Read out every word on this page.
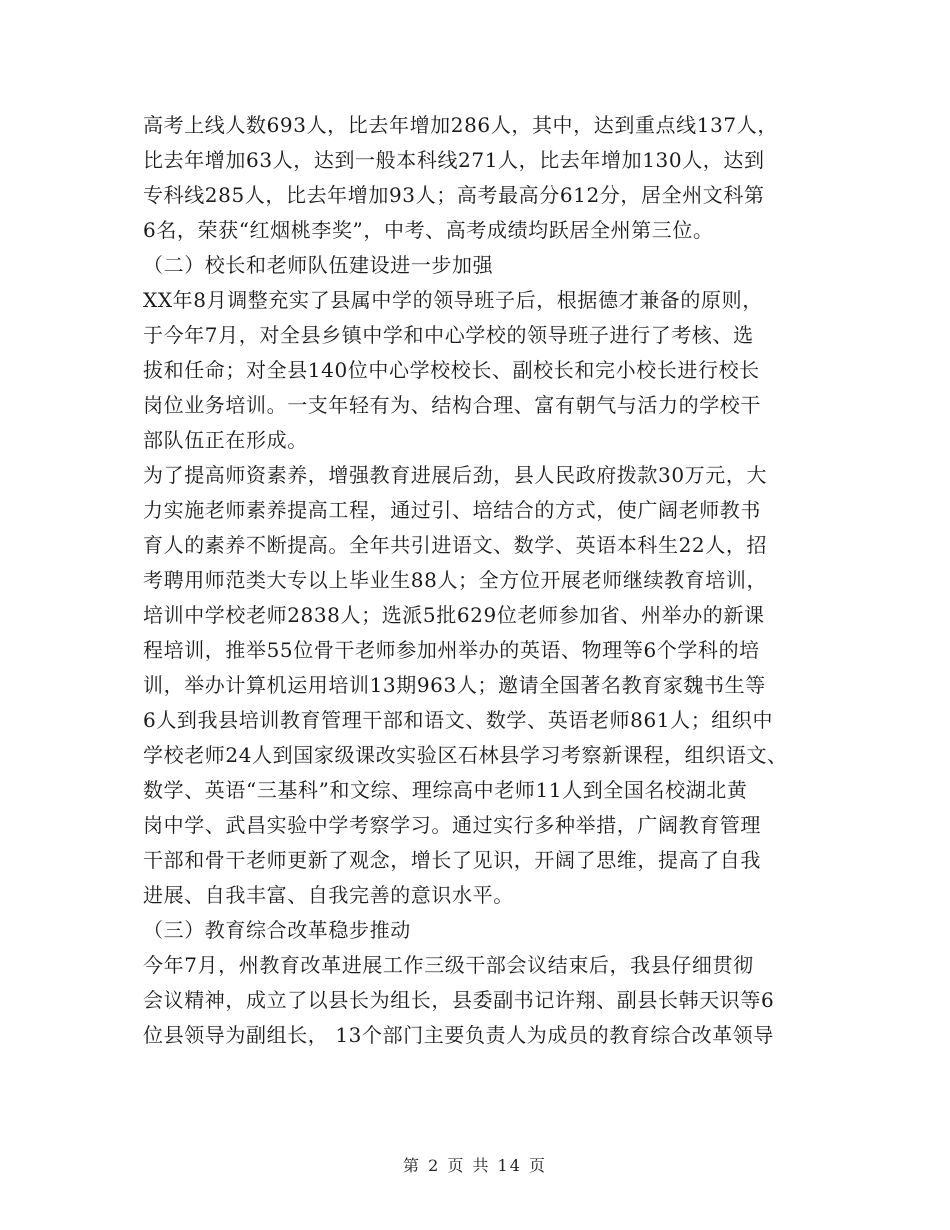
高考上线人数693人，比去年增加286人，其中，达到重点线137人，
比去年增加63人，达到一般本科线271人，比去年增加130人，达到
专科线285人，比去年增加93人；高考最高分612分，居全州文科第
6名，荣获“红烟桃李奖”，中考、高考成绩均跃居全州第三位。
（二）校长和老师队伍建设进一步加强
XX年8月调整充实了县属中学的领导班子后，根据德才兼备的原则，
于今年7月，对全县乡镇中学和中心学校的领导班子进行了考核、选
拔和任命；对全县140位中心学校校长、副校长和完小校长进行校长
岗位业务培训。一支年轻有为、结构合理、富有朝气与活力的学校干
部队伍正在形成。
为了提高师资素养，增强教育进展后劲，县人民政府拨款30万元，大
力实施老师素养提高工程，通过引、培结合的方式，使广阔老师教书
育人的素养不断提高。全年共引进语文、数学、英语本科生22人，招
考聘用师范类大专以上毕业生88人；全方位开展老师继续教育培训，
培训中学校老师2838人；选派5批629位老师参加省、州举办的新课
程培训，推举55位骨干老师参加州举办的英语、物理等6个学科的培
训，举办计算机运用培训13期963人；邀请全国著名教育家魏书生等
6人到我县培训教育管理干部和语文、数学、英语老师861人；组织中
学校老师24人到国家级课改实验区石林县学习考察新课程，组织语文、
数学、英语“三基科”和文综、理综高中老师11人到全国名校湖北黄
岗中学、武昌实验中学考察学习。通过实行多种举措，广阔教育管理
干部和骨干老师更新了观念，增长了见识，开阔了思维，提高了自我
进展、自我丰富、自我完善的意识水平。
（三）教育综合改革稳步推动
今年7月，州教育改革进展工作三级干部会议结束后，我县仔细贯彻
会议精神，成立了以县长为组长，县委副书记许翔、副县长韩天识等6
位县领导为副组长， 13个部门主要负责人为成员的教育综合改革领导
第 2 页 共 14 页
